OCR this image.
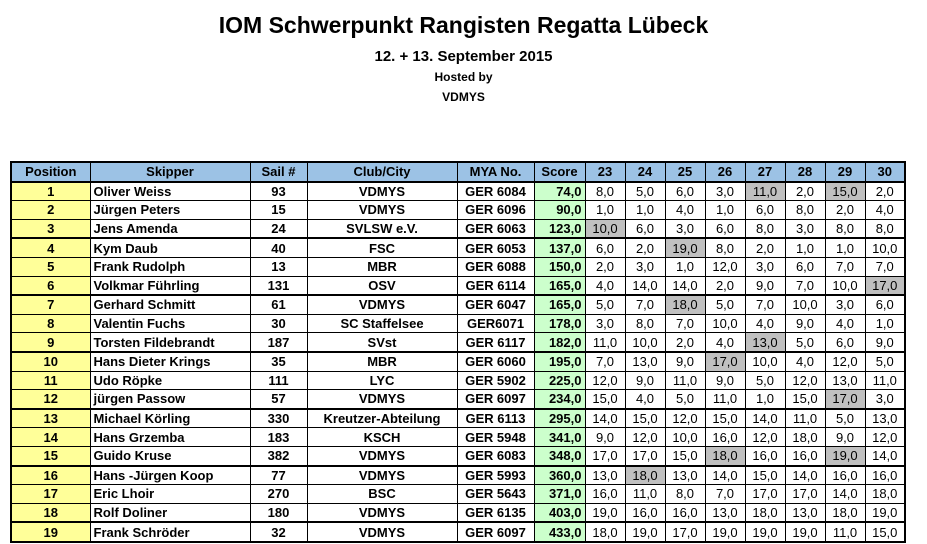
IOM Schwerpunkt Rangisten Regatta Lübeck
12. + 13. September 2015
Hosted by
VDMYS
Position	Skipper	Sail #	Club/City	MYA No.	Score	23	24	25	26	27	28	29	30
1	Oliver Weiss	93	VDMYS	GER 6084	74,0	8,0	5,0	6,0	3,0	11,0	2,0	15,0	2,0
2	Jürgen Peters	15	VDMYS	GER 6096	90,0	1,0	1,0	4,0	1,0	6,0	8,0	2,0	4,0
3	Jens Amenda	24	SVLSW e.V.	GER 6063	123,0	10,0	6,0	3,0	6,0	8,0	3,0	8,0	8,0
4	Kym Daub	40	FSC	GER 6053	137,0	6,0	2,0	19,0	8,0	2,0	1,0	1,0	10,0
5	Frank Rudolph	13	MBR	GER 6088	150,0	2,0	3,0	1,0	12,0	3,0	6,0	7,0	7,0
6	Volkmar Führling	131	OSV	GER 6114	165,0	4,0	14,0	14,0	2,0	9,0	7,0	10,0	17,0
7	Gerhard Schmitt	61	VDMYS	GER 6047	165,0	5,0	7,0	18,0	5,0	7,0	10,0	3,0	6,0
8	Valentin Fuchs	30	SC Staffelsee	GER6071	178,0	3,0	8,0	7,0	10,0	4,0	9,0	4,0	1,0
9	Torsten Fildebrandt	187	SVst	GER 6117	182,0	11,0	10,0	2,0	4,0	13,0	5,0	6,0	9,0
10	Hans Dieter Krings	35	MBR	GER 6060	195,0	7,0	13,0	9,0	17,0	10,0	4,0	12,0	5,0
11	Udo Röpke	111	LYC	GER 5902	225,0	12,0	9,0	11,0	9,0	5,0	12,0	13,0	11,0
12	jürgen Passow	57	VDMYS	GER 6097	234,0	15,0	4,0	5,0	11,0	1,0	15,0	17,0	3,0
13	Michael Körling	330	Kreutzer-Abteilung	GER 6113	295,0	14,0	15,0	12,0	15,0	14,0	11,0	5,0	13,0
14	Hans Grzemba	183	KSCH	GER 5948	341,0	9,0	12,0	10,0	16,0	12,0	18,0	9,0	12,0
15	Guido Kruse	382	VDMYS	GER 6083	348,0	17,0	17,0	15,0	18,0	16,0	16,0	19,0	14,0
16	Hans -Jürgen Koop	77	VDMYS	GER 5993	360,0	13,0	18,0	13,0	14,0	15,0	14,0	16,0	16,0
17	Eric Lhoir	270	BSC	GER 5643	371,0	16,0	11,0	8,0	7,0	17,0	17,0	14,0	18,0
18	Rolf Doliner	180	VDMYS	GER 6135	403,0	19,0	16,0	16,0	13,0	18,0	13,0	18,0	19,0
19	Frank Schröder	32	VDMYS	GER 6097	433,0	18,0	19,0	17,0	19,0	19,0	19,0	11,0	15,0
